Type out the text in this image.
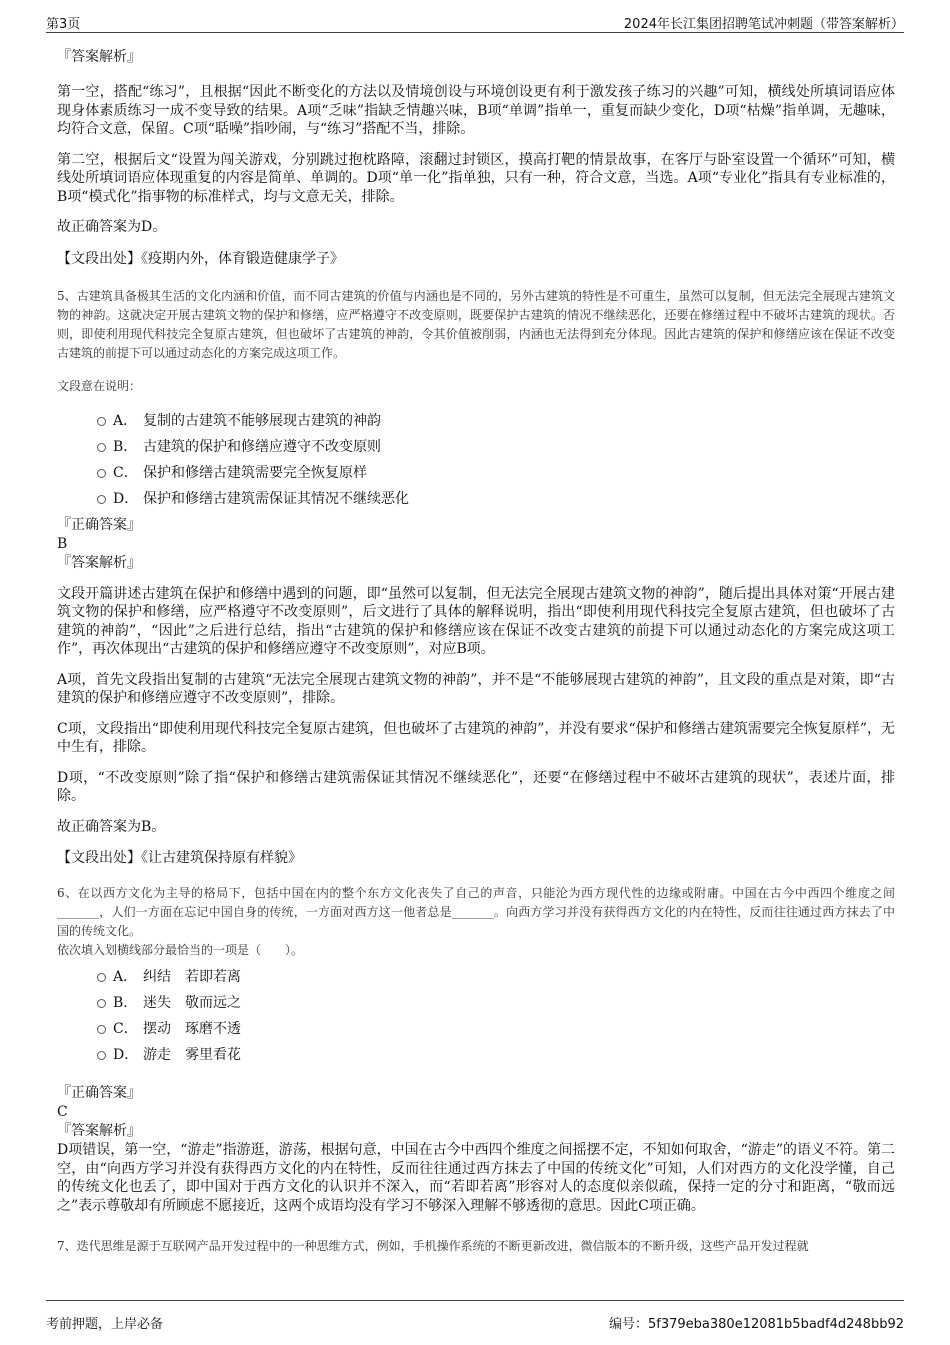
第3页	2024年长江集团招聘笔试冲刺题（带答案解析）

『答案解析』

第一空，搭配“练习”，且根据“因此不断变化的方法以及情境创设与环境创设更有利于激发孩子练习的兴趣”可知，横线处所填词语应体现身体素质练习一成不变导致的结果。A项“乏味”指缺乏情趣兴味，B项“单调”指单一，重复而缺少变化，D项“枯燥”指单调，无趣味，均符合文意，保留。C项“聒噪”指吵闹，与“练习”搭配不当，排除。

第二空，根据后文“设置为闯关游戏，分别跳过抱枕路障，滚翻过封锁区，摸高打靶的情景故事，在客厅与卧室设置一个循环”可知，横线处所填词语应体现重复的内容是简单、单调的。D项“单一化”指单独，只有一种，符合文意，当选。A项“专业化”指具有专业标准的，B项“模式化”指事物的标准样式，均与文意无关，排除。

故正确答案为D。

【文段出处】《疫期内外，体育锻造健康学子》

5、古建筑具备极其生活的文化内涵和价值，而不同古建筑的价值与内涵也是不同的，另外古建筑的特性是不可重生，虽然可以复制，但无法完全展现古建筑文物的神韵。这就决定开展古建筑文物的保护和修缮，应严格遵守不改变原则，既要保护古建筑的情况不继续恶化，还要在修缮过程中不破坏古建筑的现状。否则，即使利用现代科技完全复原古建筑，但也破坏了古建筑的神韵，令其价值被削弱，内涵也无法得到充分体现。因此古建筑的保护和修缮应该在保证不改变古建筑的前提下可以通过动态化的方案完成这项工作。

文段意在说明：

A． 复制的古建筑不能够展现古建筑的神韵
B． 古建筑的保护和修缮应遵守不改变原则
C． 保护和修缮古建筑需要完全恢复原样
D． 保护和修缮古建筑需保证其情况不继续恶化

『正确答案』

B

『答案解析』

文段开篇讲述古建筑在保护和修缮中遇到的问题，即“虽然可以复制，但无法完全展现古建筑文物的神韵”，随后提出具体对策“开展古建筑文物的保护和修缮，应严格遵守不改变原则”，后文进行了具体的解释说明，指出“即使利用现代科技完全复原古建筑，但也破坏了古建筑的神韵”，“因此”之后进行总结，指出“古建筑的保护和修缮应该在保证不改变古建筑的前提下可以通过动态化的方案完成这项工作”，再次体现出“古建筑的保护和修缮应遵守不改变原则”，对应B项。

A项，首先文段指出复制的古建筑“无法完全展现古建筑文物的神韵”，并不是“不能够展现古建筑的神韵”，且文段的重点是对策，即“古建筑的保护和修缮应遵守不改变原则”，排除。

C项，文段指出“即使利用现代科技完全复原古建筑，但也破坏了古建筑的神韵”，并没有要求“保护和修缮古建筑需要完全恢复原样”，无中生有，排除。

D项，“不改变原则”除了指“保护和修缮古建筑需保证其情况不继续恶化”，还要“在修缮过程中不破坏古建筑的现状”，表述片面，排除。

故正确答案为B。

【文段出处】《让古建筑保持原有样貌》

6、在以西方文化为主导的格局下，包括中国在内的整个东方文化丧失了自己的声音，只能沦为西方现代性的边缘或附庸。中国在古今中西四个维度之间_______，人们一方面在忘记中国自身的传统，一方面对西方这一他者总是_______。向西方学习并没有获得西方文化的内在特性，反而往往通过西方抹去了中国的传统文化。

依次填入划横线部分最恰当的一项是（　　）。

A． 纠结 若即若离
B． 迷失 敬而远之
C． 摆动 琢磨不透
D． 游走 雾里看花

『正确答案』

C

『答案解析』

D项错误，第一空，“游走”指游逛，游荡，根据句意，中国在古今中西四个维度之间摇摆不定，不知如何取舍，“游走”的语义不符。第二空，由“向西方学习并没有获得西方文化的内在特性，反而往往通过西方抹去了中国的传统文化”可知，人们对西方的文化没学懂，自己的传统文化也丢了，即中国对于西方文化的认识并不深入，而“若即若离”形容对人的态度似亲似疏，保持一定的分寸和距离，“敬而远之”表示尊敬却有所顾虑不愿接近，这两个成语均没有学习不够深入理解不够透彻的意思。因此C项正确。

7、迭代思维是源于互联网产品开发过程中的一种思维方式，例如，手机操作系统的不断更新改进，微信版本的不断升级，这些产品开发过程就

考前押题，上岸必备	编号：5f379eba380e12081b5badf4d248bb92
